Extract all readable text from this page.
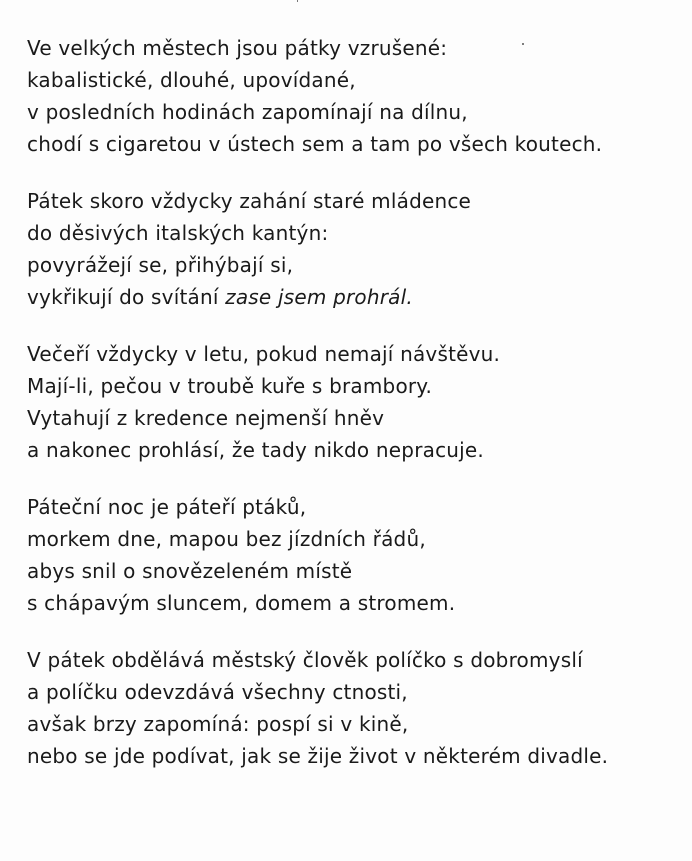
Ve velkých městech jsou pátky vzrušené:
kabalistické, dlouhé, upovídané,
v posledních hodinách zapomínají na dílnu,
chodí s cigaretou v ústech sem a tam po všech koutech.
Pátek skoro vždycky zahání staré mládence
do děsivých italských kantýn:
povyrážejí se, přihýbají si,
vykřikují do svítání zase jsem prohrál.
Večeří vždycky v letu, pokud nemají návštěvu.
Mají-li, pečou v troubě kuře s brambory.
Vytahují z kredence nejmenší hněv
a nakonec prohlásí, že tady nikdo nepracuje.
Páteční noc je páteří ptáků,
morkem dne, mapou bez jízdních řádů,
abys snil o snovězeleném místě
s chápavým sluncem, domem a stromem.
V pátek obdělává městský člověk políčko s dobromyslí
a políčku odevzdává všechny ctnosti,
avšak brzy zapomíná: pospí si v kině,
nebo se jde podívat, jak se žije život v některém divadle.
